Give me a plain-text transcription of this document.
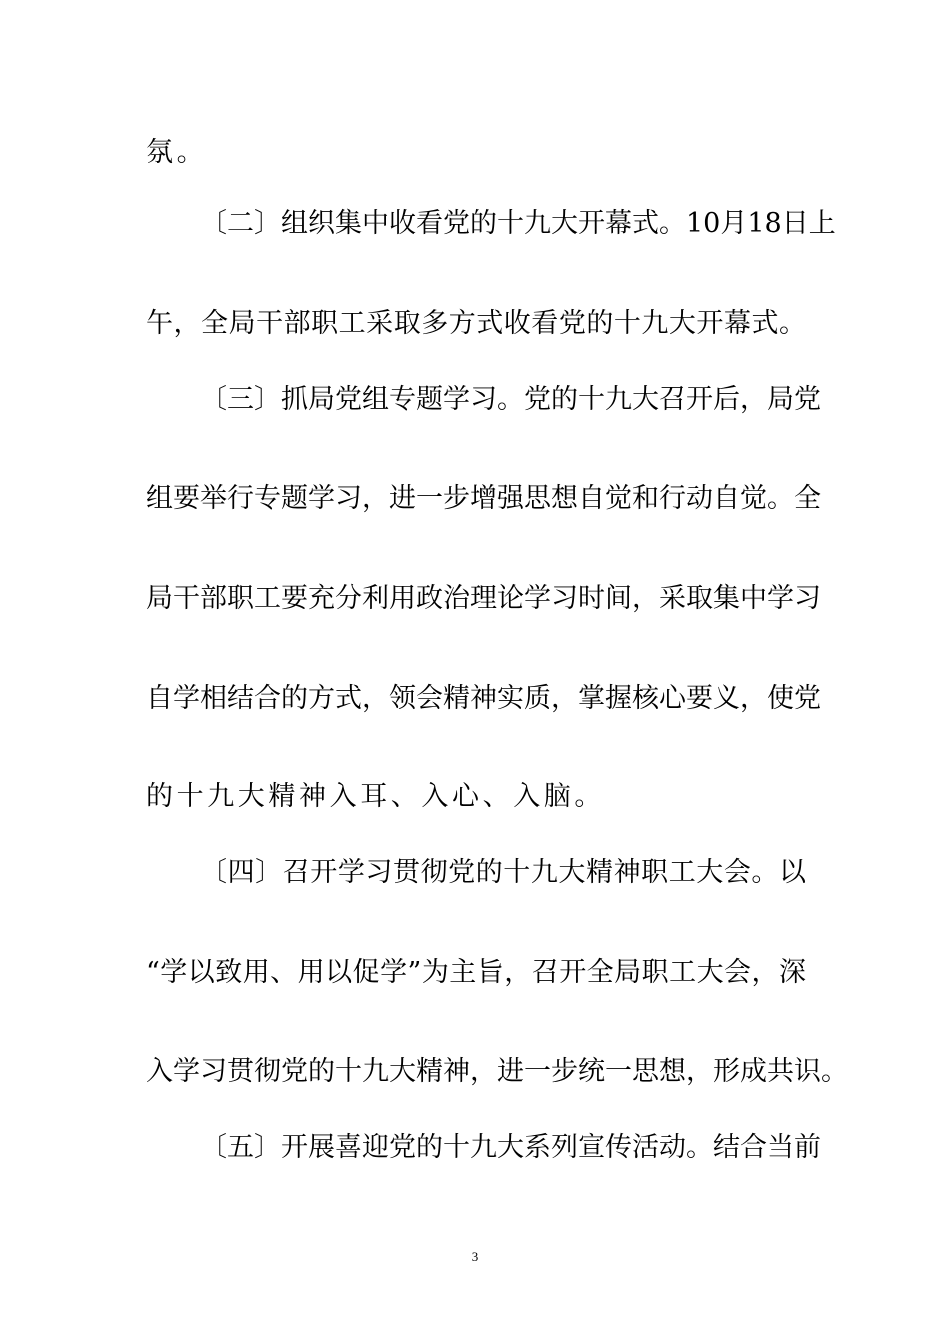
氛。
〔二〕组织集中收看党的十九大开幕式。10月18日上
午，全局干部职工采取多方式收看党的十九大开幕式。
〔三〕抓局党组专题学习。党的十九大召开后，局党
组要举行专题学习，进一步增强思想自觉和行动自觉。全
局干部职工要充分利用政治理论学习时间，采取集中学习
自学相结合的方式，领会精神实质，掌握核心要义，使党
的十九大精神入耳、入心、入脑。
〔四〕召开学习贯彻党的十九大精神职工大会。以
“学以致用、用以促学”为主旨，召开全局职工大会，深
入学习贯彻党的十九大精神，进一步统一思想，形成共识。
〔五〕开展喜迎党的十九大系列宣传活动。结合当前
3
